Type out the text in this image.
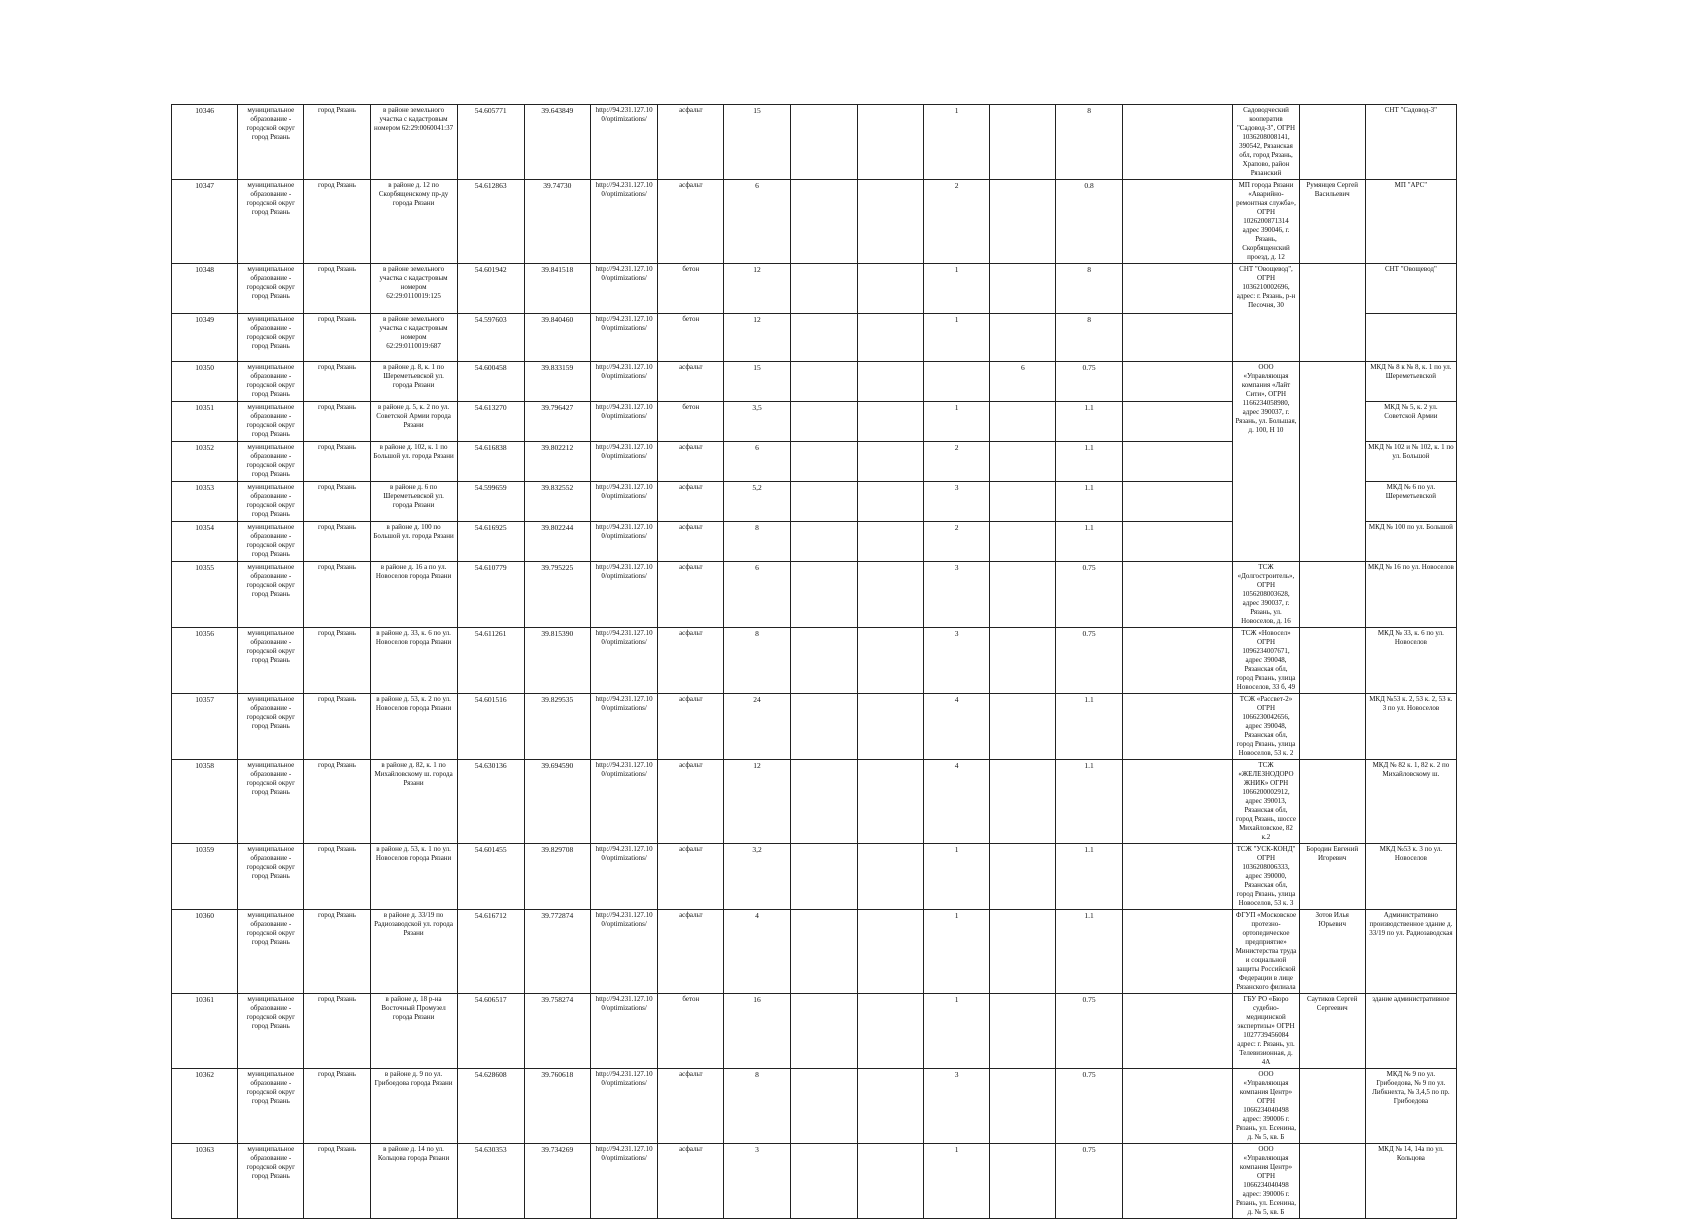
10346	муниципальное образование - городской округ город Рязань	город Рязань	в районе земельного участка с кадастровым номером 62:29:0060041:37	54.605771	39.643849	http://94.231.127.10 0/optimizations/	асфальт	15			1		8		Садоводческий кооператив "Садовод-3", ОГРН 1036208008141, 390542, Рязанская обл, город Рязань, Храпово, район Рязанский		СНТ "Садовод-3"
10347	муниципальное образование - городской округ город Рязань	город Рязань	в районе д. 12 по Скорбященскому пр-ду города Рязани	54.612863	39.74730	http://94.231.127.10 0/optimizations/	асфальт	6			2		0.8		МП города Рязани «Аварийно-ремонтная служба», ОГРН 1026200871314 адрес 390046, г. Рязань, Скорбященский проезд, д. 12	Румянцев Сергей Васильевич	МП "АРС"
10348	муниципальное образование - городской округ город Рязань	город Рязань	в районе земельного участка с кадастровым номером 62:29:0110019:125	54.601942	39.841518	http://94.231.127.10 0/optimizations/	бетон	12			1		8		СНТ "Овощевод", ОГРН 1036210002696, адрес: г. Рязань, р-н Песочня, 30		СНТ "Овощевод"
10349	муниципальное образование - городской округ город Рязань	город Рязань	в районе земельного участка с кадастровым номером 62:29:0110019:687	54.597603	39.840460	http://94.231.127.10 0/optimizations/	бетон	12			1		8				
10350	муниципальное образование - городской округ город Рязань	город Рязань	в районе д. 8, к. 1 по Шереметьевской ул. города Рязани	54.600458	39.833159	http://94.231.127.10 0/optimizations/	асфальт	15				6	0.75		ООО «Управляющая компания «Лайт Сити», ОГРН 1166234058980, адрес 390037, г. Рязань, ул. Большая, д. 100, Н 10		МКД № 8 к № 8, к. 1 по ул. Шереметьевской
10351	муниципальное образование - городской округ город Рязань	город Рязань	в районе д. 5, к. 2 по ул. Советской Армии города Рязани	54.613270	39.796427	http://94.231.127.10 0/optimizations/	бетон	3,5			1		1.1				МКД № 5, к. 2 ул. Советской Армии
10352	муниципальное образование - городской округ город Рязань	город Рязань	в районе д. 102, к. 1 по Большой ул. города Рязани	54.616838	39.802212	http://94.231.127.10 0/optimizations/	асфальт	6			2		1.1				МКД № 102 и № 102, к. 1 по ул. Большой
10353	муниципальное образование - городской округ город Рязань	город Рязань	в районе д. 6 по Шереметьевской ул. города Рязани	54.599659	39.832552	http://94.231.127.10 0/optimizations/	асфальт	5,2			3		1.1				МКД № 6 по ул. Шереметьевской
10354	муниципальное образование - городской округ город Рязань	город Рязань	в районе д. 100 по Большой ул. города Рязани	54.616925	39.802244	http://94.231.127.10 0/optimizations/	асфальт	8			2		1.1				МКД № 100 по ул. Большой
10355	муниципальное образование - городской округ город Рязань	город Рязань	в районе д. 16 а по ул. Новоселов города Рязани	54.610779	39.795225	http://94.231.127.10 0/optimizations/	асфальт	6			3		0.75		ТСЖ «Долгостроитель», ОГРН 1056208003628, адрес 390037, г. Рязань, ул. Новоселов, д. 16		МКД № 16 по ул. Новоселов
10356	муниципальное образование - городской округ город Рязань	город Рязань	в районе д. 33, к. 6 по ул. Новоселов города Рязани	54.611261	39.815390	http://94.231.127.10 0/optimizations/	асфальт	8			3		0.75		ТСЖ «Новосел» ОГРН 1096234007671, адрес 390048, Рязанская обл, город Рязань, улица Новоселов, 33 б, 49		МКД № 33, к. 6 по ул. Новоселов
10357	муниципальное образование - городской округ город Рязань	город Рязань	в районе д. 53, к. 2 по ул. Новоселов города Рязани	54.601516	39.829535	http://94.231.127.10 0/optimizations/	асфальт	24			4		1.1		ТСЖ «Рассвет-2» ОГРН 1066230042656, адрес 390048, Рязанская обл, город Рязань, улица Новоселов, 53 к. 2		МКД №53 к. 2, 53 к. 2, 53 к. 3 по ул. Новоселов
10358	муниципальное образование - городской округ город Рязань	город Рязань	в районе д. 82, к. 1 по Михайловскому ш. города Рязани	54.630136	39.694590	http://94.231.127.10 0/optimizations/	асфальт	12			4		1.1		ТСЖ «ЖЕЛЕЗНОДОРОЖНИК» ОГРН 1066200002912, адрес 390013, Рязанская обл, город Рязань, шоссе Михайловское, 82 к.2		МКД № 82 к. 1, 82 к. 2 по Михайловскому ш.
10359	муниципальное образование - городской округ город Рязань	город Рязань	в районе д. 53, к. 1 по ул. Новоселов города Рязани	54.601455	39.829708	http://94.231.127.10 0/optimizations/	асфальт	3,2			1		1.1		ТСЖ "УСК-КОНД" ОГРН 1036208006333, адрес 390000, Рязанская обл, город Рязань, улица Новоселов, 53 к. 3	Бородин Евгений Игоревич	МКД №53 к. 3 по ул. Новоселов
10360	муниципальное образование - городской округ город Рязань	город Рязань	в районе д. 33/19 по Радиозаводской ул. города Рязани	54.616712	39.772874	http://94.231.127.10 0/optimizations/	асфальт	4			1		1.1		ФГУП «Московское протезно-ортопедическое предприятие» Министерства труда и социальной защиты Российской Федерации в лице Рязанского филиала	Зотов Илья Юрьевич	Административно производственное здание д. 33/19 по ул. Радиозаводская
10361	муниципальное образование - городской округ город Рязань	город Рязань	в районе д. 18 р-на Восточный Промузел города Рязани	54.606517	39.758274	http://94.231.127.10 0/optimizations/	бетон	16			1		0.75		ГБУ РО «Бюро судебно-медицинской экспертизы» ОГРН 1027739456084 адрес: г. Рязань, ул. Телевизионная, д. 4А	Саутиков Сергей Сергеевич	здание административное
10362	муниципальное образование - городской округ город Рязань	город Рязань	в районе д. 9 по ул. Грибоедова города Рязани	54.628608	39.760618	http://94.231.127.10 0/optimizations/	асфальт	8			3		0.75		ООО «Управляющая компания Центр» ОГРН 1066234040498 адрес: 390006 г. Рязань, ул. Есенина, д. № 5, кв. Б		МКД № 9 по ул. Грибоедова, № 9 по ул. Либкнехта, № 3,4,5 по пр. Грибоедова
10363	муниципальное образование - городской округ город Рязань	город Рязань	в районе д. 14 по ул. Кольцова города Рязани	54.630353	39.734269	http://94.231.127.10 0/optimizations/	асфальт	3			1		0.75		ООО «Управляющая компания Центр» ОГРН 1066234040498 адрес: 390006 г. Рязань, ул. Есенина, д. № 5, кв. Б		МКД № 14, 14а по ул. Кольцова
